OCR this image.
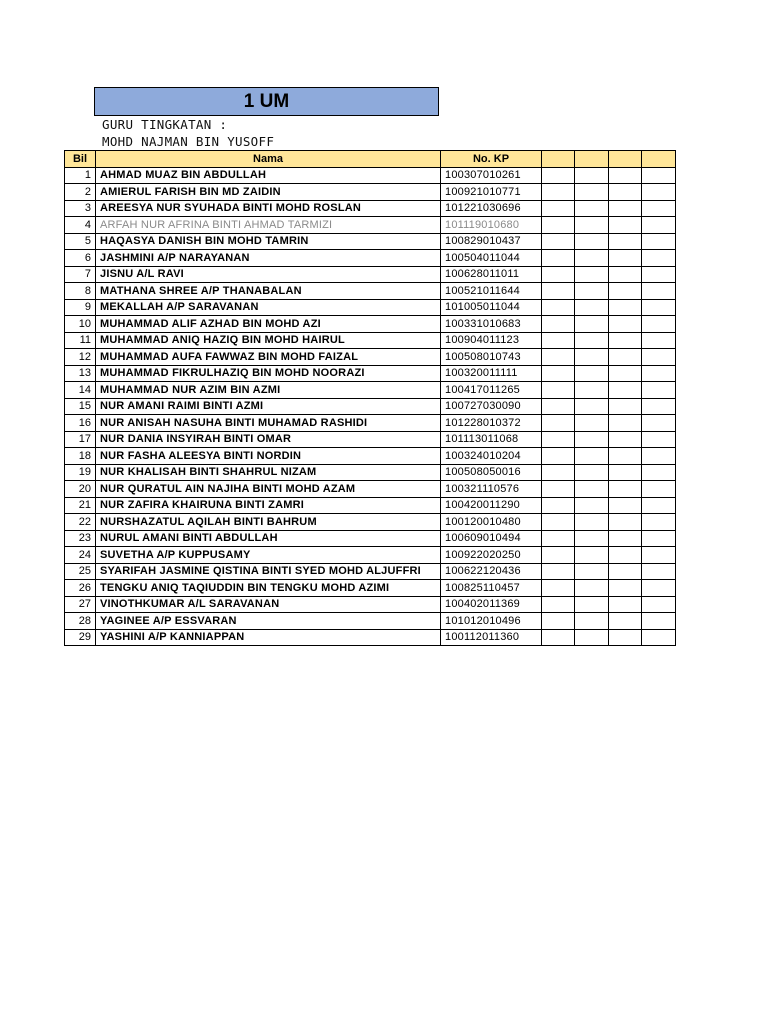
1 UM
GURU TINGKATAN :
MOHD NAJMAN BIN YUSOFF
Bil	Nama	No. KP				
1	AHMAD MUAZ BIN ABDULLAH	100307010261				
2	AMIERUL FARISH BIN MD ZAIDIN	100921010771				
3	AREESYA NUR SYUHADA BINTI MOHD ROSLAN	101221030696				
4	ARFAH NUR AFRINA BINTI AHMAD TARMIZI	101119010680				
5	HAQASYA DANISH BIN MOHD TAMRIN	100829010437				
6	JASHMINI A/P NARAYANAN	100504011044				
7	JISNU A/L RAVI	100628011011				
8	MATHANA SHREE A/P THANABALAN	100521011644				
9	MEKALLAH A/P SARAVANAN	101005011044				
10	MUHAMMAD ALIF AZHAD BIN MOHD AZI	100331010683				
11	MUHAMMAD ANIQ HAZIQ BIN MOHD HAIRUL	100904011123				
12	MUHAMMAD AUFA FAWWAZ BIN MOHD FAIZAL	100508010743				
13	MUHAMMAD FIKRULHAZIQ BIN MOHD NOORAZI	100320011111				
14	MUHAMMAD NUR AZIM BIN AZMI	100417011265				
15	NUR AMANI RAIMI BINTI AZMI	100727030090				
16	NUR ANISAH NASUHA BINTI MUHAMAD RASHIDI	101228010372				
17	NUR DANIA INSYIRAH BINTI OMAR	101113011068				
18	NUR FASHA ALEESYA BINTI NORDIN	100324010204				
19	NUR KHALISAH BINTI SHAHRUL NIZAM	100508050016				
20	NUR QURATUL AIN NAJIHA BINTI MOHD AZAM	100321110576				
21	NUR ZAFIRA KHAIRUNA BINTI ZAMRI	100420011290				
22	NURSHAZATUL AQILAH BINTI BAHRUM	100120010480				
23	NURUL AMANI BINTI ABDULLAH	100609010494				
24	SUVETHA A/P KUPPUSAMY	100922020250				
25	SYARIFAH JASMINE QISTINA BINTI SYED MOHD ALJUFFRI	100622120436				
26	TENGKU ANIQ TAQIUDDIN BIN TENGKU MOHD AZIMI	100825110457				
27	VINOTHKUMAR A/L SARAVANAN	100402011369				
28	YAGINEE A/P ESSVARAN	101012010496				
29	YASHINI A/P KANNIAPPAN	100112011360				
